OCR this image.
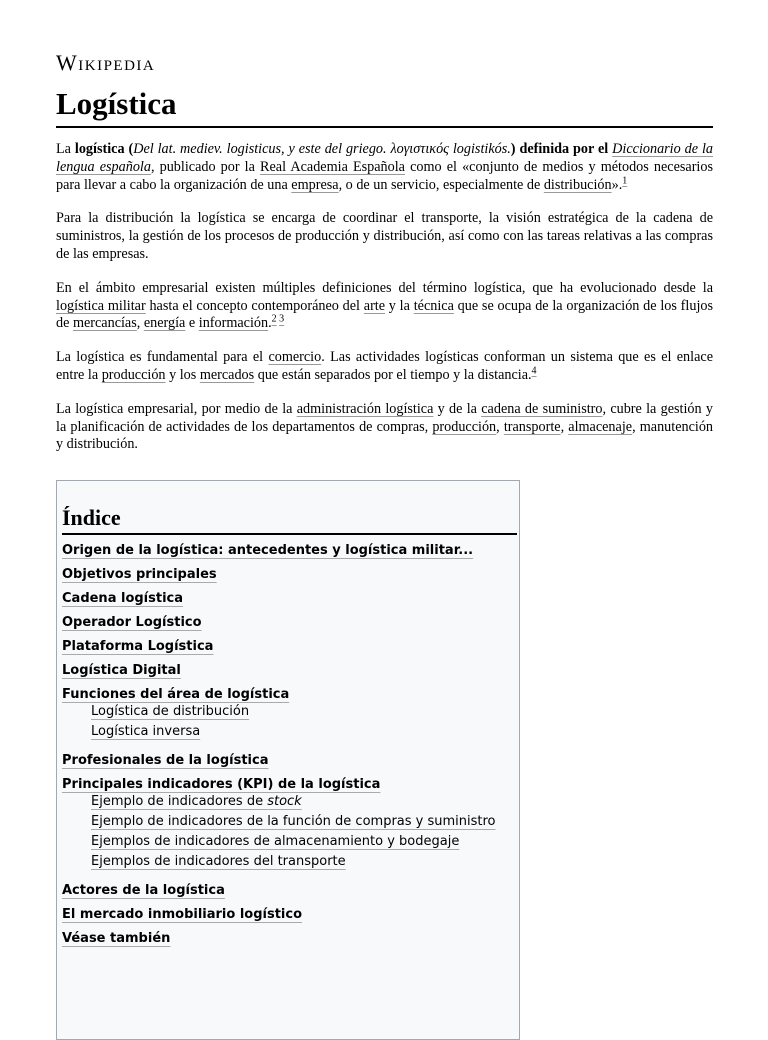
Wikipedia
Logística

La logística (Del lat. mediev. logisticus, y este del griego. λογιστικός logistikós.) definida por el Diccionario de la lengua española, publicado por la Real Academia Española como el «conjunto de medios y métodos necesarios para llevar a cabo la organización de una empresa, o de un servicio, especialmente de distribución».$^1$

Para la distribución la logística se encarga de coordinar el transporte, la visión estratégica de la cadena de suministros, la gestión de los procesos de producción y distribución, así como con las tareas relativas a las compras de las empresas.

En el ámbito empresarial existen múltiples definiciones del término logística, que ha evolucionado desde la logística militar hasta el concepto contemporáneo del arte y la técnica que se ocupa de la organización de los flujos de mercancías, energía e información.$^2$ $^3$

La logística es fundamental para el comercio. Las actividades logísticas conforman un sistema que es el enlace entre la producción y los mercados que están separados por el tiempo y la distancia.$^4$

La logística empresarial, por medio de la administración logística y de la cadena de suministro, cubre la gestión y la planificación de actividades de los departamentos de compras, producción, transporte, almacenaje, manutención y distribución.

Índice
Origen de la logística: antecedentes y logística militar...
Objetivos principales
Cadena logística
Operador Logístico
Plataforma Logística
Logística Digital
Funciones del área de logística
Logística de distribución
Logística inversa
Profesionales de la logística
Principales indicadores (KPI) de la logística
Ejemplo de indicadores de stock
Ejemplo de indicadores de la función de compras y suministro
Ejemplos de indicadores de almacenamiento y bodegaje
Ejemplos de indicadores del transporte
Actores de la logística
El mercado inmobiliario logístico
Véase también
